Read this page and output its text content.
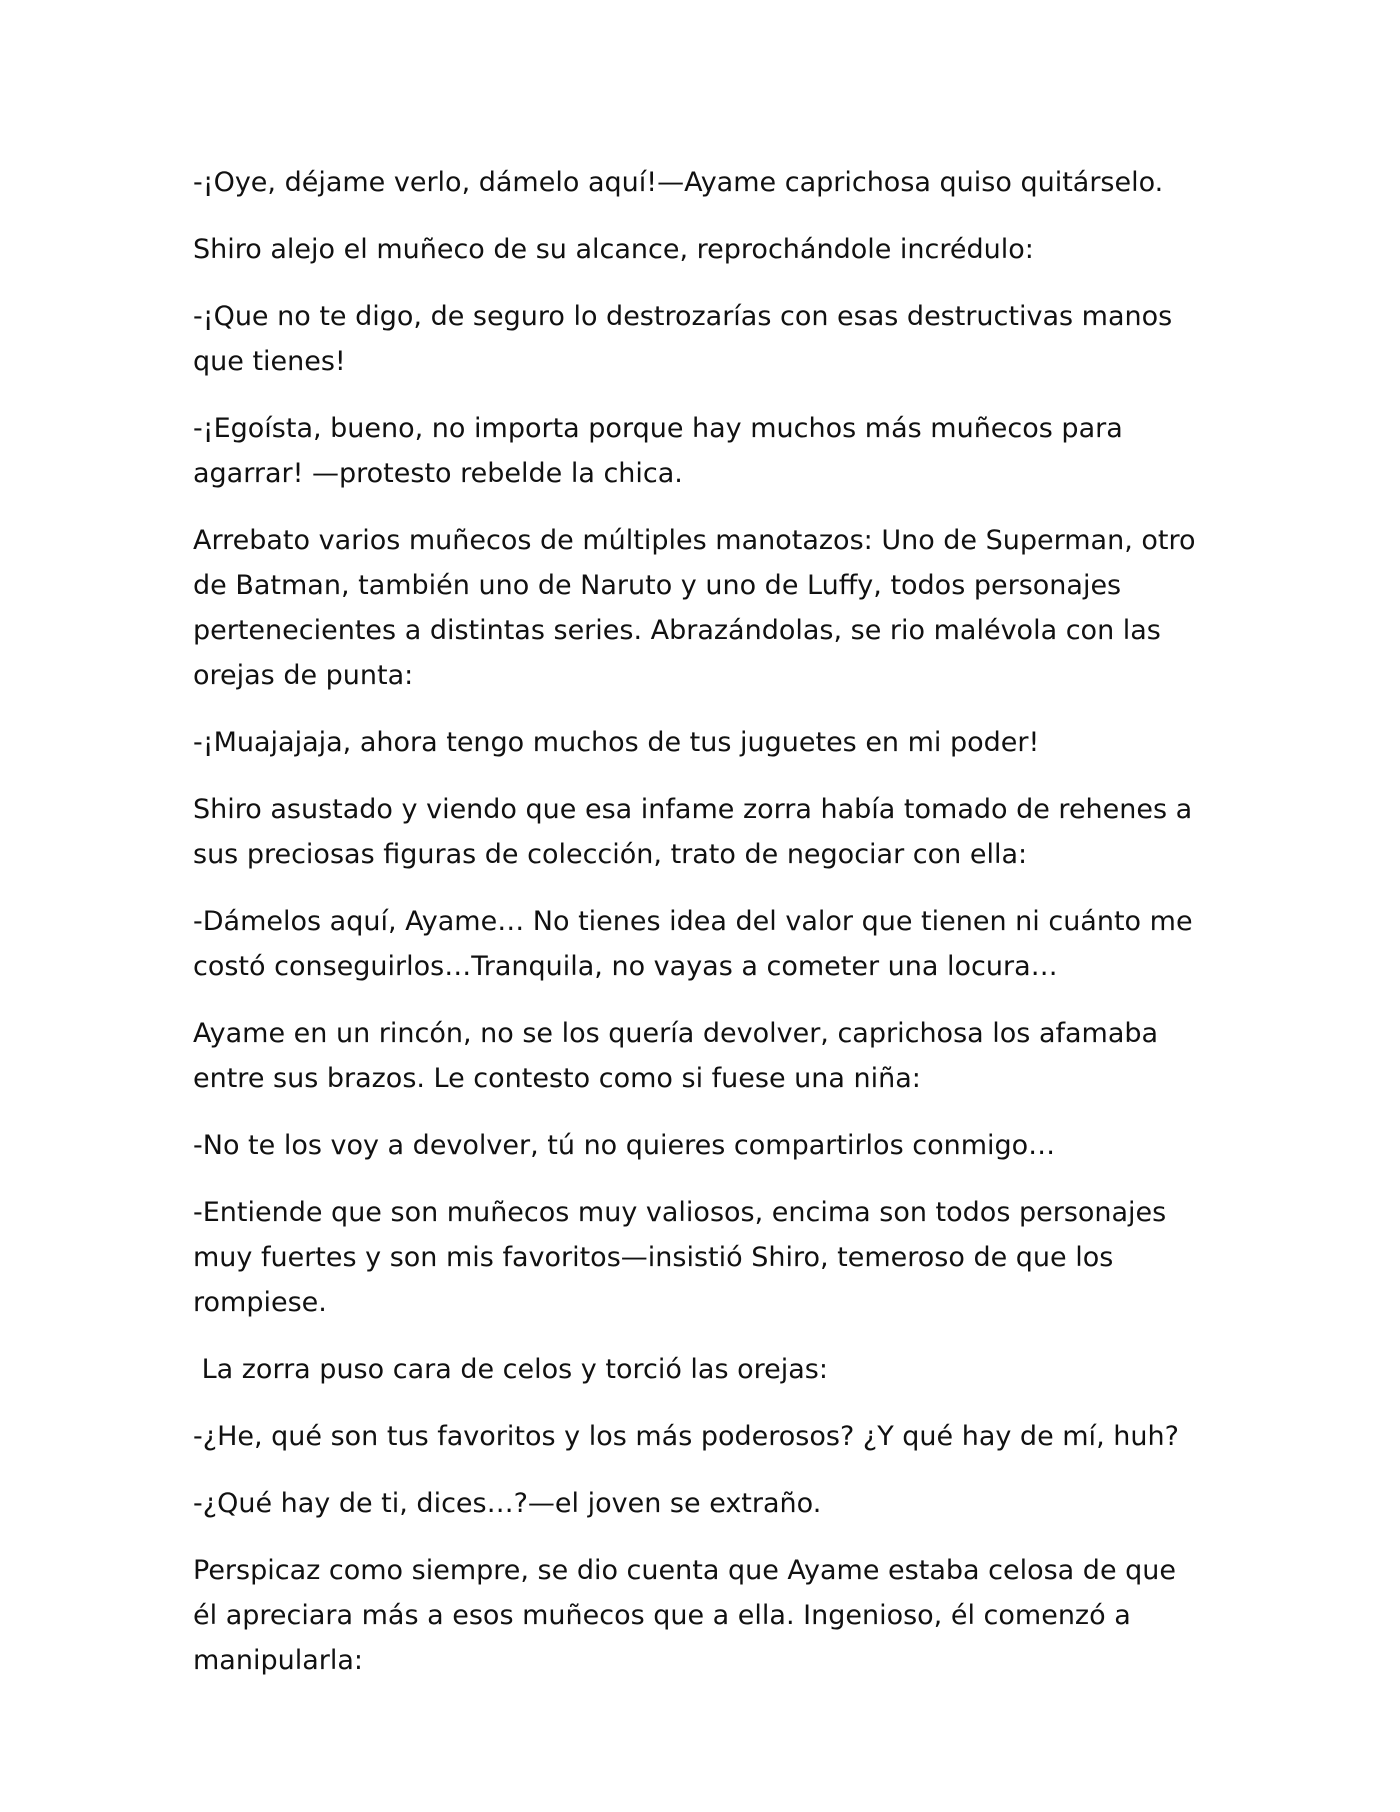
-¡Oye, déjame verlo, dámelo aquí!—Ayame caprichosa quiso quitárselo.

Shiro alejo el muñeco de su alcance, reprochándole incrédulo:

-¡Que no te digo, de seguro lo destrozarías con esas destructivas manos que tienes!

-¡Egoísta, bueno, no importa porque hay muchos más muñecos para agarrar! —protesto rebelde la chica.

Arrebato varios muñecos de múltiples manotazos: Uno de Superman, otro de Batman, también uno de Naruto y uno de Luffy, todos personajes pertenecientes a distintas series. Abrazándolas, se rio malévola con las orejas de punta:

-¡Muajajaja, ahora tengo muchos de tus juguetes en mi poder!

Shiro asustado y viendo que esa infame zorra había tomado de rehenes a sus preciosas figuras de colección, trato de negociar con ella:

-Dámelos aquí, Ayame… No tienes idea del valor que tienen ni cuánto me costó conseguirlos…Tranquila, no vayas a cometer una locura…

Ayame en un rincón, no se los quería devolver, caprichosa los afamaba entre sus brazos. Le contesto como si fuese una niña:

-No te los voy a devolver, tú no quieres compartirlos conmigo…

-Entiende que son muñecos muy valiosos, encima son todos personajes muy fuertes y son mis favoritos—insistió Shiro, temeroso de que los rompiese.

La zorra puso cara de celos y torció las orejas:

-¿He, qué son tus favoritos y los más poderosos? ¿Y qué hay de mí, huh?

-¿Qué hay de ti, dices…?—el joven se extraño.

Perspicaz como siempre, se dio cuenta que Ayame estaba celosa de que él apreciara más a esos muñecos que a ella. Ingenioso, él comenzó a manipularla:
